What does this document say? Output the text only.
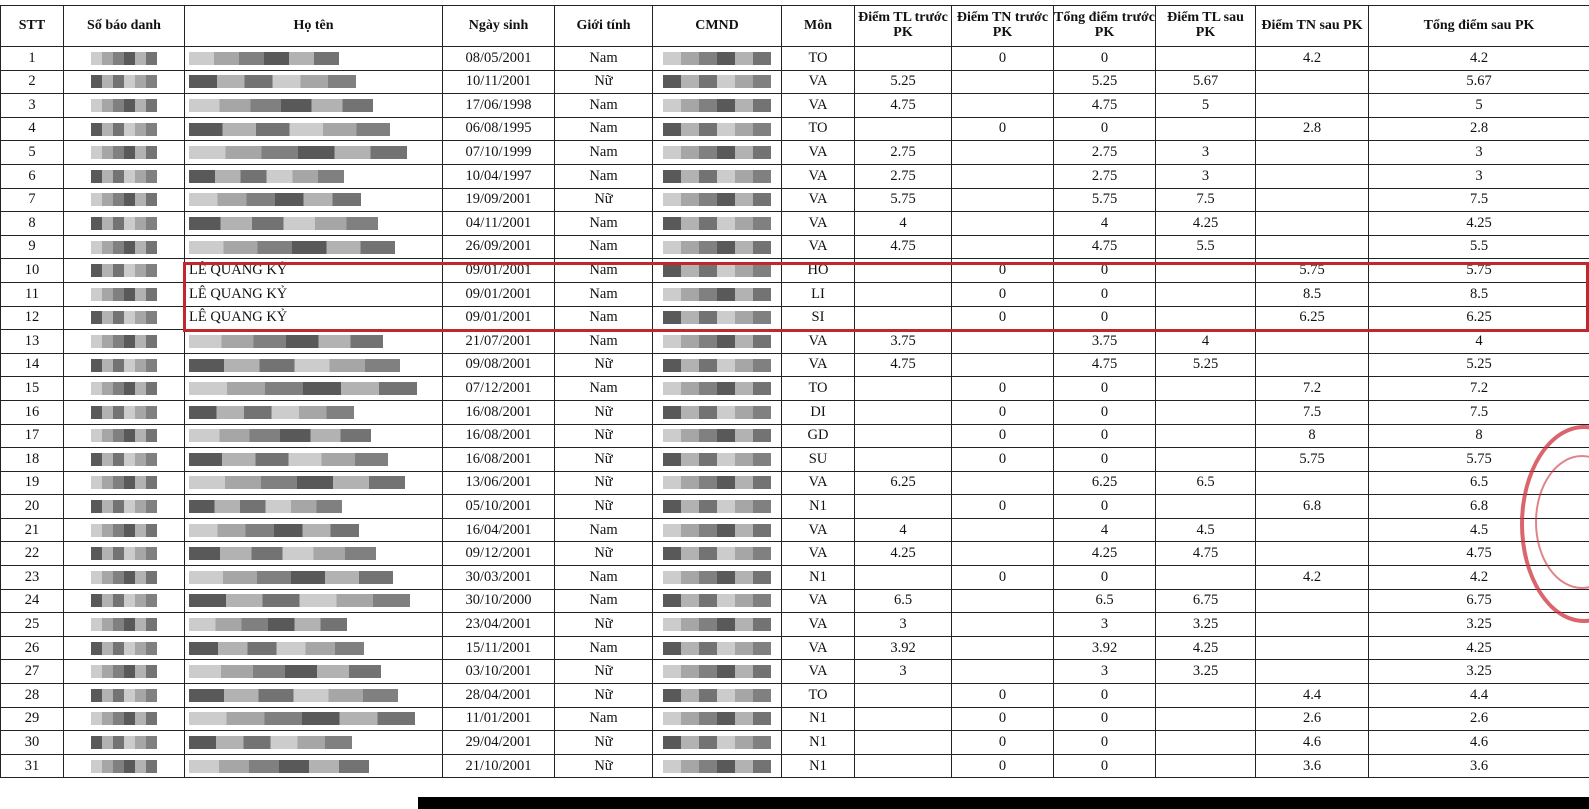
STT	Số báo danh	Họ tên	Ngày sinh	Giới tính	CMND	Môn	Điểm TL trước PK	Điểm TN trước PK	Tổng điểm trước PK	Điểm TL sau PK	Điểm TN sau PK	Tổng điểm sau PK
1			08/05/2001	Nam		TO		0	0		4.2	4.2
2			10/11/2001	Nữ		VA	5.25		5.25	5.67		5.67
3			17/06/1998	Nam		VA	4.75		4.75	5		5
4			06/08/1995	Nam		TO		0	0		2.8	2.8
5			07/10/1999	Nam		VA	2.75		2.75	3		3
6			10/04/1997	Nam		VA	2.75		2.75	3		3
7			19/09/2001	Nữ		VA	5.75		5.75	7.5		7.5
8			04/11/2001	Nam		VA	4		4	4.25		4.25
9			26/09/2001	Nam		VA	4.75		4.75	5.5		5.5
10		LÊ QUANG KỶ	09/01/2001	Nam		HO		0	0		5.75	5.75
11		LÊ QUANG KỶ	09/01/2001	Nam		LI		0	0		8.5	8.5
12		LÊ QUANG KỶ	09/01/2001	Nam		SI		0	0		6.25	6.25
13			21/07/2001	Nam		VA	3.75		3.75	4		4
14			09/08/2001	Nữ		VA	4.75		4.75	5.25		5.25
15			07/12/2001	Nam		TO		0	0		7.2	7.2
16			16/08/2001	Nữ		DI		0	0		7.5	7.5
17			16/08/2001	Nữ		GD		0	0		8	8
18			16/08/2001	Nữ		SU		0	0		5.75	5.75
19			13/06/2001	Nữ		VA	6.25		6.25	6.5		6.5
20			05/10/2001	Nữ		N1		0	0		6.8	6.8
21			16/04/2001	Nam		VA	4		4	4.5		4.5
22			09/12/2001	Nữ		VA	4.25		4.25	4.75		4.75
23			30/03/2001	Nam		N1		0	0		4.2	4.2
24			30/10/2000	Nam		VA	6.5		6.5	6.75		6.75
25			23/04/2001	Nữ		VA	3		3	3.25		3.25
26			15/11/2001	Nam		VA	3.92		3.92	4.25		4.25
27			03/10/2001	Nữ		VA	3		3	3.25		3.25
28			28/04/2001	Nữ		TO		0	0		4.4	4.4
29			11/01/2001	Nam		N1		0	0		2.6	2.6
30			29/04/2001	Nữ		N1		0	0		4.6	4.6
31			21/10/2001	Nữ		N1		0	0		3.6	3.6
